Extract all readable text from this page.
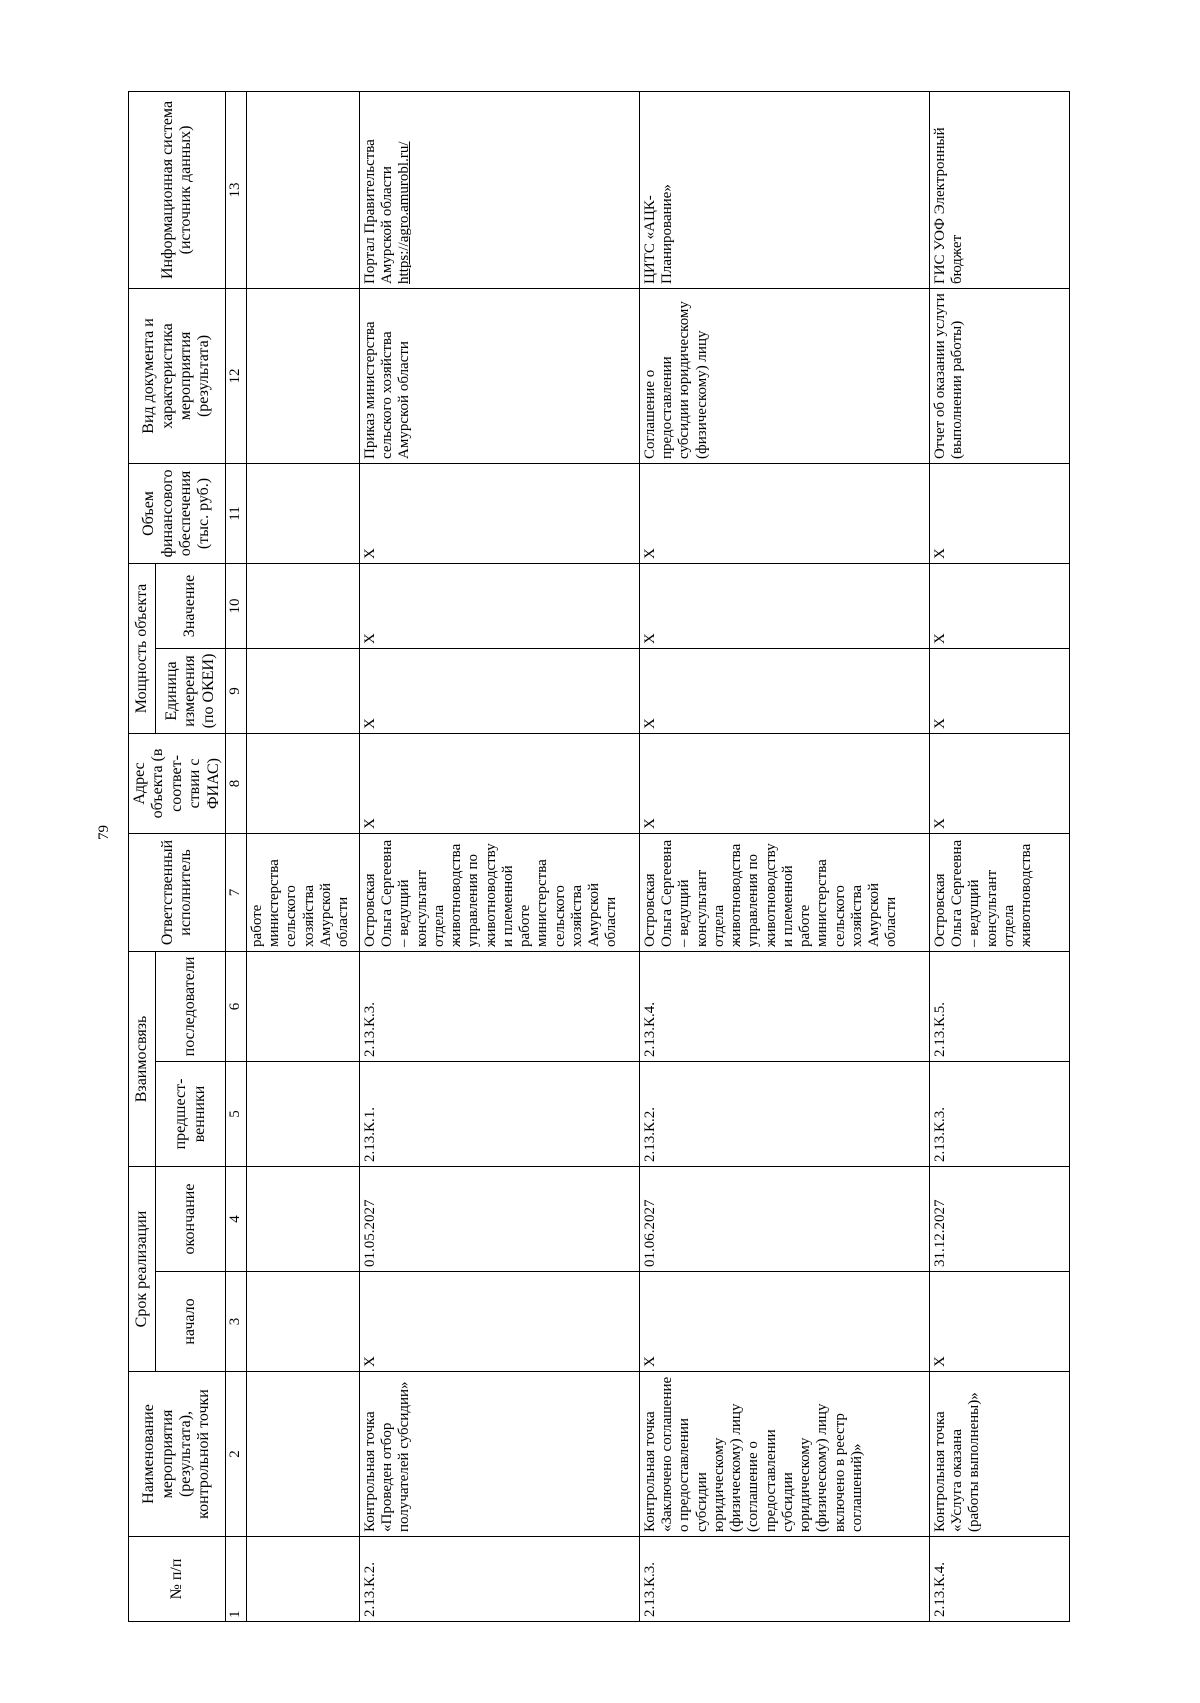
79
№ п/п	Наименование мероприятия (результата), контрольной точки	Срок реализации		Взаимосвязь		Ответственный исполнитель	Адрес объекта (в соответ- ствии с ФИАС)	Мощность объекта		Объем финансового обеспечения (тыс. руб.)	Вид документа и характеристика мероприятия (результата)	Информационная система (источник данных)
		начало	окончание	предшест- венники	последователи			Единица измерения (по ОКЕИ)	Значение			
1	2	3	4	5	6	7	8	9	10	11	12	13
						работе министерства сельского хозяйства Амурской области						
2.13.К.2.	Контрольная точка «Проведен отбор получателей субсидии»	X	01.05.2027	2.13.К.1.	2.13.К.3.	Островская Ольга Сергеевна – ведущий консультант отдела животноводства управления по животноводству и племенной работе министерства сельского хозяйства Амурской области	X	X	X	X	Приказ министерства сельского хозяйства Амурской области	Портал Правительства Амурской области
https://agro.amurobl.ru/
2.13.К.3.	Контрольная точка «Заключено соглашение о предоставлении субсидии юридическому (физическому) лицу (соглашение о предоставлении субсидии юридическому (физическому) лицу включено в реестр соглашений)»	X	01.06.2027	2.13.К.2.	2.13.К.4.	Островская Ольга Сергеевна – ведущий консультант отдела животноводства управления по животноводству и племенной работе министерства сельского хозяйства Амурской области	X	X	X	X	Соглашение о предоставлении субсидии юридическому (физическому) лицу	ЦИТС «АЦК-Планирование»
2.13.К.4.	Контрольная точка «Услуга оказана (работы выполнены)»	X	31.12.2027	2.13.К.3.	2.13.К.5.	Островская Ольга Сергеевна – ведущий консультант отдела животноводства	X	X	X	X	Отчет об оказании услуги (выполнении работы)	ГИС УОФ Электронный бюджет
